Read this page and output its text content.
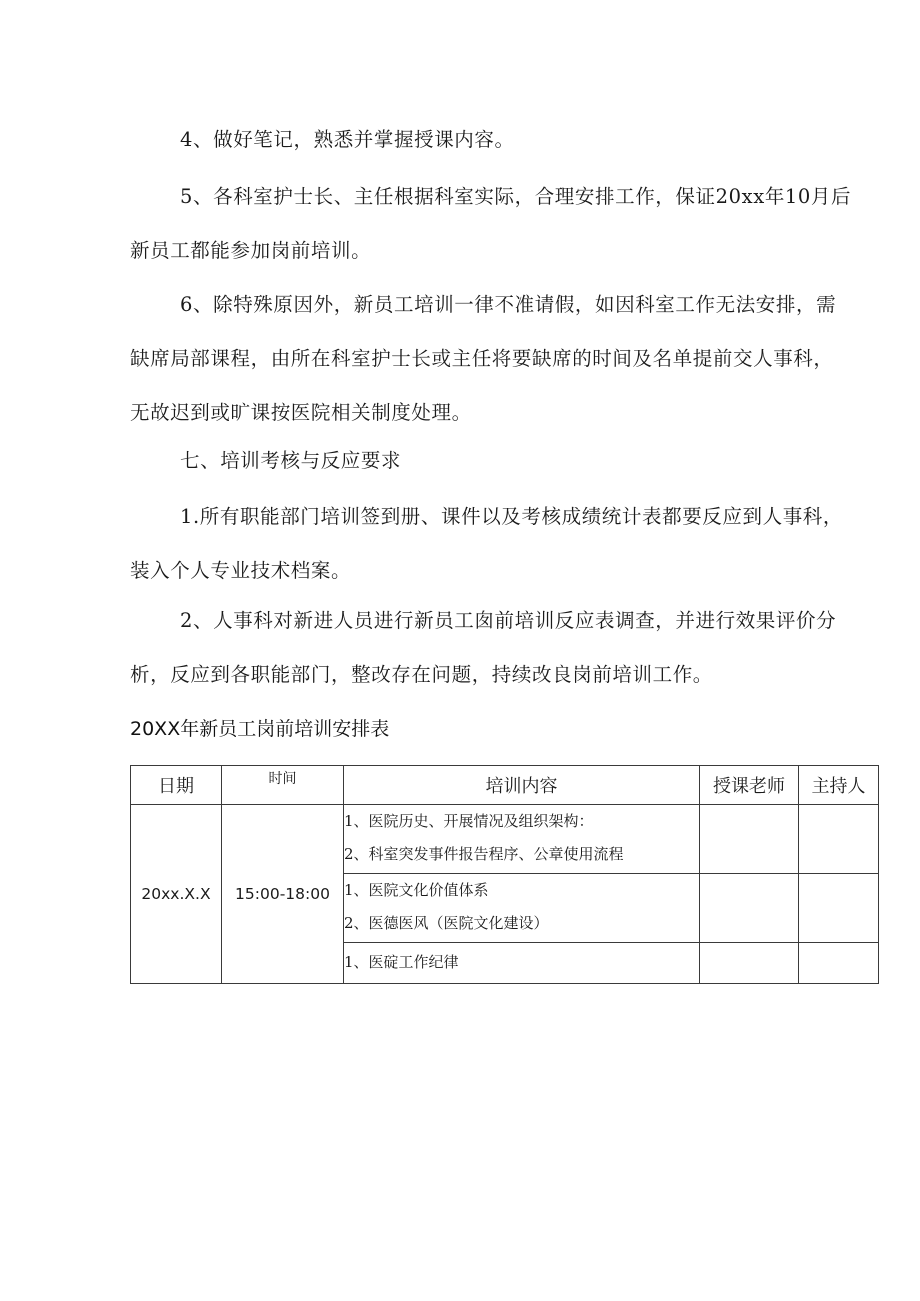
4、做好笔记，熟悉并掌握授课内容。
5、各科室护士长、主任根据科室实际，合理安排工作，保证20xx年10月后
新员工都能参加岗前培训。
6、除特殊原因外，新员工培训一律不准请假，如因科室工作无法安排，需
缺席局部课程，由所在科室护士长或主任将要缺席的时间及名单提前交人事科，
无故迟到或旷课按医院相关制度处理。
七、培训考核与反应要求
1.所有职能部门培训签到册、课件以及考核成绩统计表都要反应到人事科，
装入个人专业技术档案。
2、人事科对新进人员进行新员工囱前培训反应表调查，并进行效果评价分
析，反应到各职能部门，整改存在问题，持续改良岗前培训工作。

20XX年新员工岗前培训安排表

日期	时间	培训内容	授课老师	主持人
20xx.X.X	15:00-18:00	1、医院历史、开展情况及组织架构：
2、科室突发事件报告程序、公章使用流程		

		1、医院文化价值体系
2、医德医风（医院文化建设）		

		1、医碇工作纪律		
